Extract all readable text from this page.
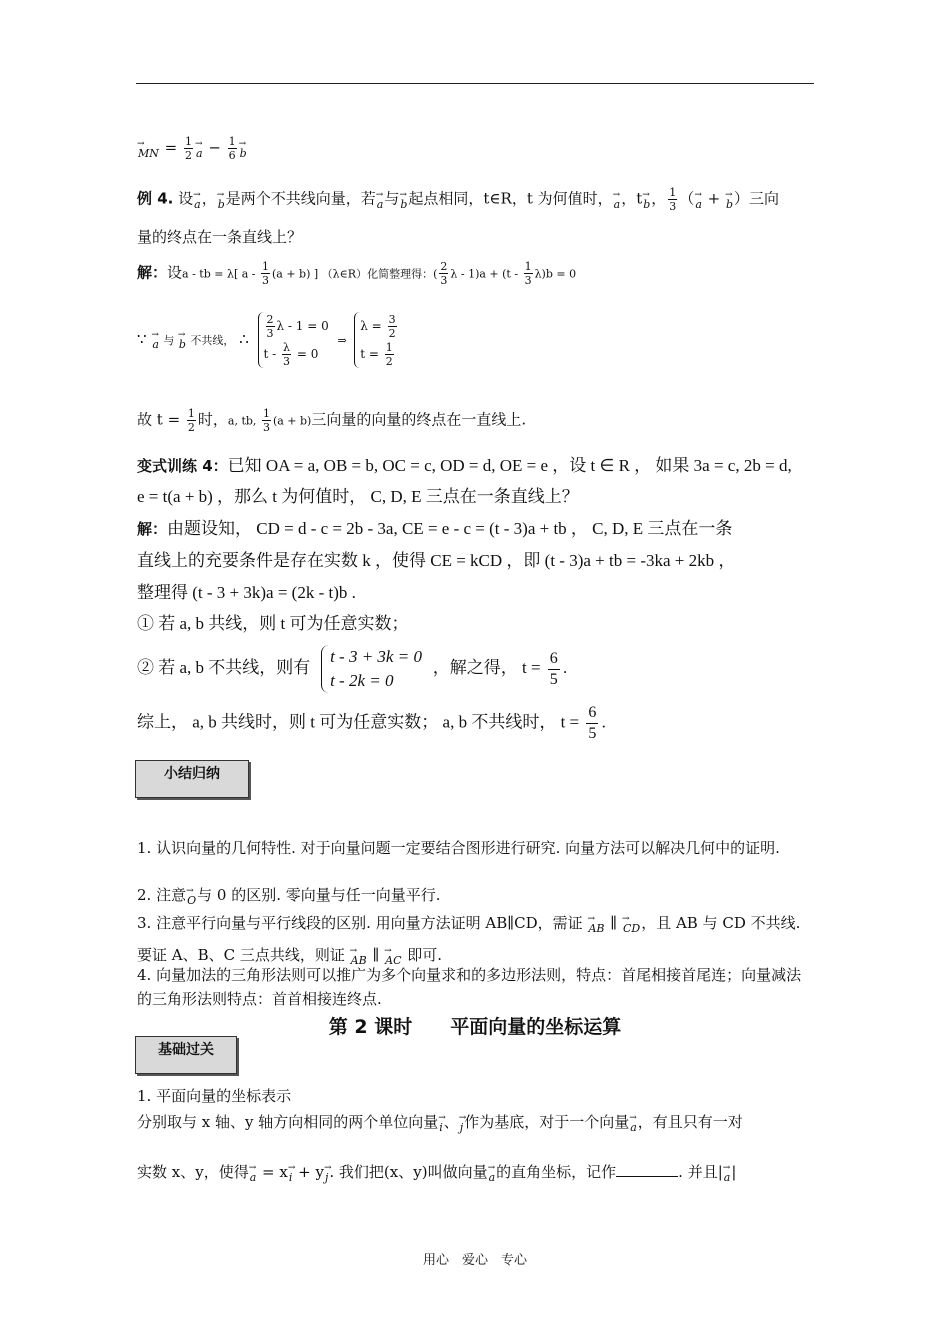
→ MN = $\frac{1}{2}$
→ $a - \frac{1}{6}$
→ b
例 4. 设→ a，→ b是两个不共线向量，若→ a与→ b起点相同，t∈R，t 为何值时，→ a，t→ b， $\frac{1}{3}$ （→ a + → b）三向
量的终点在一条直线上？
解：设a - tb = λ[ $a - \frac{1}{3} (a + b)$ ] （λ∈R）化简整理得：( $\frac{2}{3}$ $\lambda - 1)a + (t - \frac{1}{3} \lambda)b = 0$
∵ → a 与 → b 不共线， ∴ $\frac{2}{3}$ λ - 1 = 0
$t - \frac{\lambda}{3} = 0$
⇒
$\lambda = \frac{3}{2}$
$t = \frac{1}{2}$
故 $t = \frac{1}{2}$ 时，a, tb, $\frac{1}{3} (a + b)$三向量的向量的终点在一直线上.
变式训练 4：已知 OA = a, OB = b, OC = c, OD = d, OE = e ，设 t ∈ R ， 如果 3a = c, 2b = d,
e = t(a + b) ，那么 t 为何值时， C, D, E 三点在一条直线上？
解：由题设知， CD = d - c = 2b - 3a, CE = e - c = (t - 3)a + tb ， C, D, E 三点在一条
直线上的充要条件是存在实数 k ，使得 CE = kCD ，即 (t - 3)a + tb = -3ka + 2kb ，
整理得 (t - 3 + 3k)a = (2k - t)b .
① 若 a, b 共线，则 t 可为任意实数；
② 若 a, b 不共线，则有
t - 3 + 3k = 0
t - 2k = 0
，解之得， $t = \frac{6}{5}$ .
综上， a, b 共线时，则 t 可为任意实数； a, b 不共线时， $t = \frac{6}{5}$ .
小结归纳
1. 认识向量的几何特性. 对于向量问题一定要结合图形进行研究. 向量方法可以解决几何中的证明.
2. 注意→ O与 0 的区别. 零向量与任一向量平行.
3. 注意平行向量与平行线段的区别. 用向量方法证明 AB∥CD，需证 → AB ∥ → CD，且 AB 与 CD 不共线. 要证 A、B、C 三点共线，则证 → AB ∥ → AC 即可.
4. 向量加法的三角形法则可以推广为多个向量求和的多边形法则，特点：首尾相接首尾连；向量减法的三角形法则特点：首首相接连终点.
第 2 课时　　平面向量的坐标运算
基础过关
1. 平面向量的坐标表示
分别取与 x 轴、y 轴方向相同的两个单位向量→ i、→ j作为基底，对于一个向量→ a，有且只有一对
实数 x、y，使得→ a = x→ i + y→ j. 我们把(x、y)叫做向量→ a的直角坐标，记作	. 并且|→ a|
用心　爱心　专心
